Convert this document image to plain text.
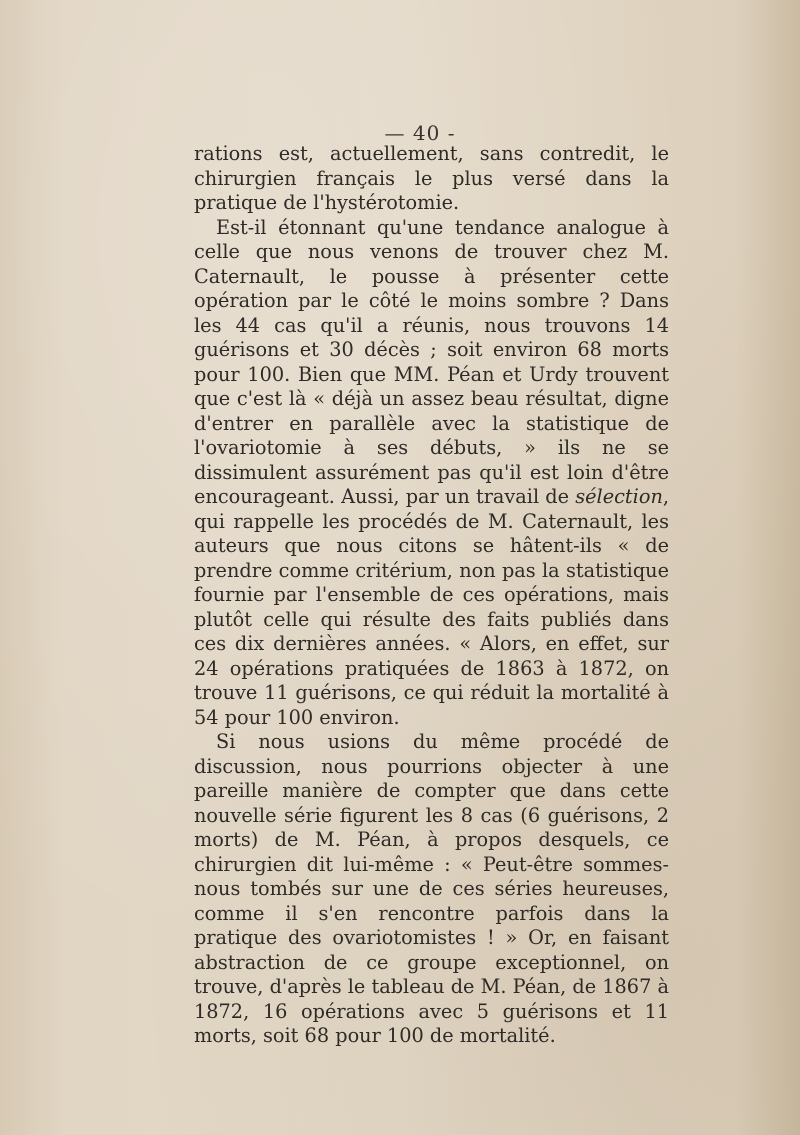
— 40 -

rations est, actuellement, sans contredit, le chirurgien français le plus versé dans la pratique de l'hystérotomie.

Est-il étonnant qu'une tendance analogue à celle que nous venons de trouver chez M. Caternault, le pousse à présenter cette opération par le côté le moins sombre ? Dans les 44 cas qu'il a réunis, nous trouvons 14 guérisons et 30 décès ; soit environ 68 morts pour 100. Bien que MM. Péan et Urdy trouvent que c'est là « déjà un assez beau résultat, digne d'entrer en parallèle avec la statistique de l'ovariotomie à ses débuts, » ils ne se dissimulent assurément pas qu'il est loin d'être encourageant. Aussi, par un travail de sélection, qui rappelle les procédés de M. Caternault, les auteurs que nous citons se hâtent-ils « de prendre comme critérium, non pas la statistique fournie par l'ensemble de ces opérations, mais plutôt celle qui résulte des faits publiés dans ces dix dernières années. « Alors, en effet, sur 24 opérations pratiquées de 1863 à 1872, on trouve 11 guérisons, ce qui réduit la mortalité à 54 pour 100 environ.

Si nous usions du même procédé de discussion, nous pourrions objecter à une pareille manière de compter que dans cette nouvelle série figurent les 8 cas (6 guérisons, 2 morts) de M. Péan, à propos desquels, ce chirurgien dit lui-même : « Peut-être sommes-nous tombés sur une de ces séries heureuses, comme il s'en rencontre parfois dans la pratique des ovariotomistes ! » Or, en faisant abstraction de ce groupe exceptionnel, on trouve, d'après le tableau de M. Péan, de 1867 à 1872, 16 opérations avec 5 guérisons et 11 morts, soit 68 pour 100 de mortalité.
